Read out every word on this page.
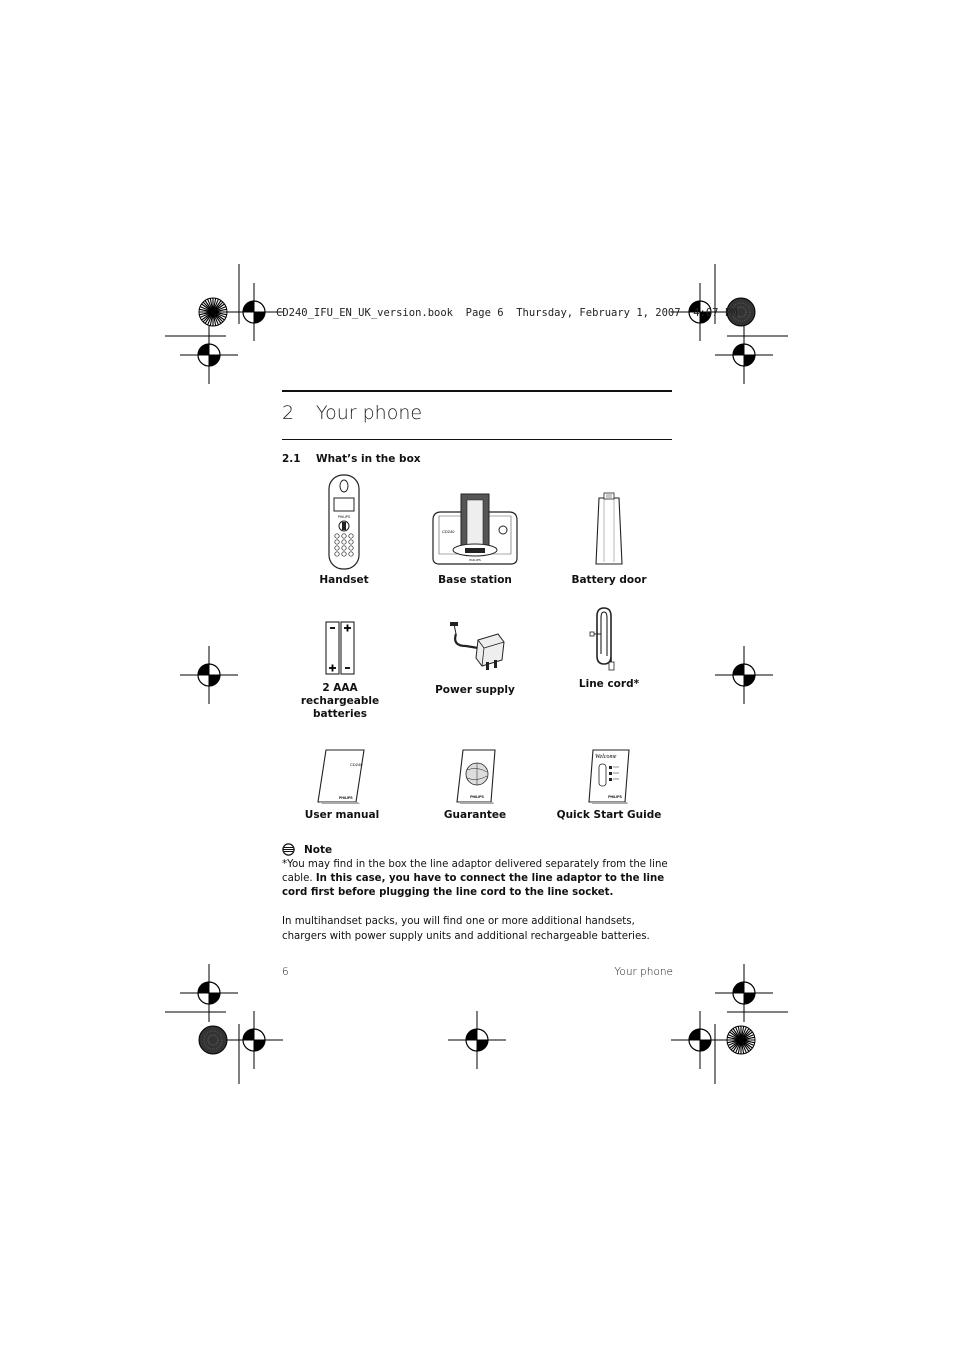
CD240_IFU_EN_UK_version.book  Page 6  Thursday, February 1, 2007  4:07 PM
2 Your phone
2.1 What’s in the box
PHILIPS
Handset
CD240
PHILIPS
Base station	Battery door
2 AAA
rechargeable
batteries
Power supply	Line cord*
CD240
PHILIPS
User manual
PHILIPS
Guarantee
Welcome
PHILIPS
Quick Start Guide
Note
*You may find in the box the line adaptor delivered separately from the line cable. In this case, you have to connect the line adaptor to the line cord first before plugging the line cord to the line socket.
In multihandset packs, you will find one or more additional handsets, chargers with power supply units and additional rechargeable batteries.
6	Your phone
